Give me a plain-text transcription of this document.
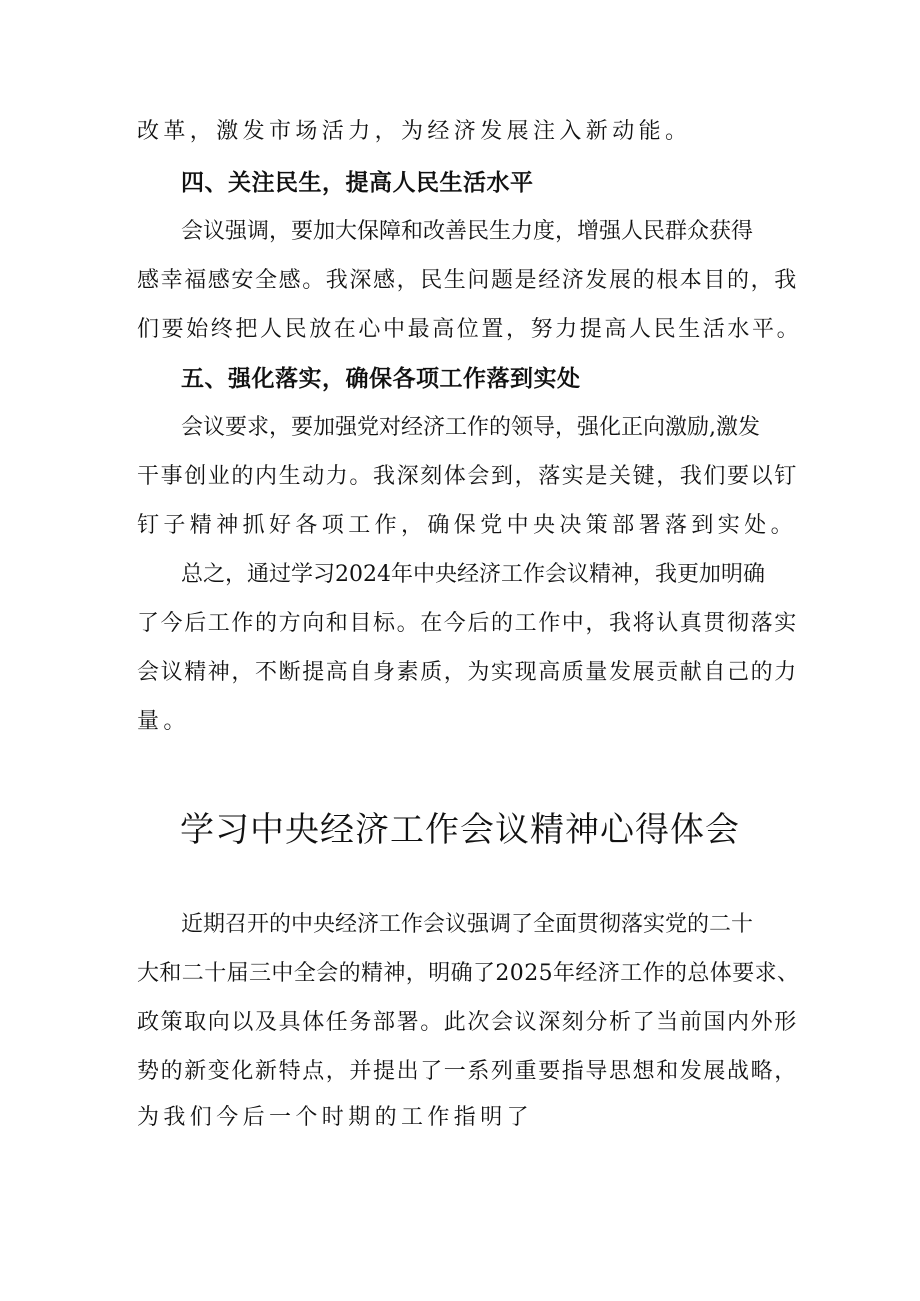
改革，激发市场活力，为经济发展注入新动能。
四、关注民生，提高人民生活水平
会议强调，要加大保障和改善民生力度，增强人民群众获得
感幸福感安全感。我深感，民生问题是经济发展的根本目的，我
们要始终把人民放在心中最高位置，努力提高人民生活水平。
五、强化落实，确保各项工作落到实处
会议要求，要加强党对经济工作的领导，强化正向激励,激发
干事创业的内生动力。我深刻体会到，落实是关键，我们要以钉
钉子精神抓好各项工作，确保党中央决策部署落到实处。
总之，通过学习2024年中央经济工作会议精神，我更加明确
了今后工作的方向和目标。在今后的工作中，我将认真贯彻落实
会议精神，不断提高自身素质，为实现高质量发展贡献自己的力
量。
学习中央经济工作会议精神心得体会
近期召开的中央经济工作会议强调了全面贯彻落实党的二十
大和二十届三中全会的精神，明确了2025年经济工作的总体要求、
政策取向以及具体任务部署。此次会议深刻分析了当前国内外形
势的新变化新特点，并提出了一系列重要指导思想和发展战略，
为我们今后一个时期的工作指明了
